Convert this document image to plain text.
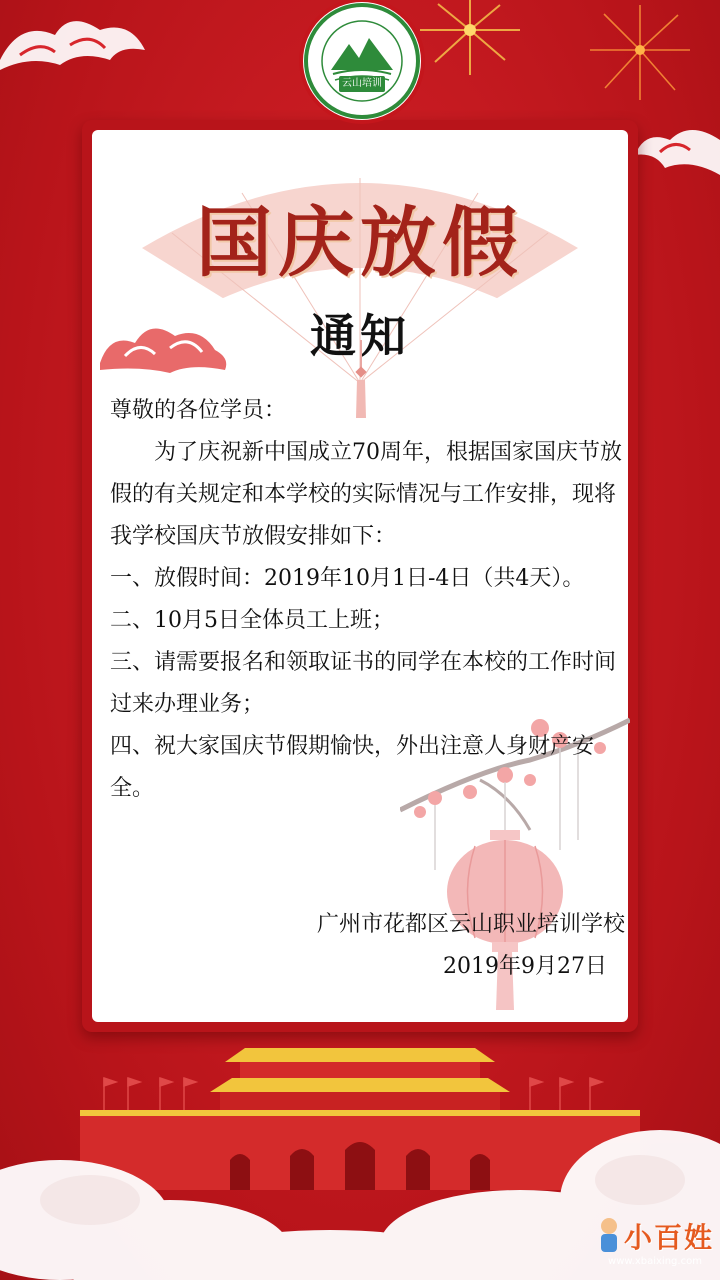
云山培训
国庆放假
通知

尊敬的各位学员：

为了庆祝新中国成立70周年，根据国家国庆节放假的有关规定和本学校的实际情况与工作安排，现将我学校国庆节放假安排如下：

一、放假时间：2019年10月1日-4日（共4天）。

二、10月5日全体员工上班；

三、请需要报名和领取证书的同学在本校的工作时间过来办理业务；

四、祝大家国庆节假期愉快，外出注意人身财产安全。

广州市花都区云山职业培训学校

2019年9月27日

小百姓
www.xbaixing.com
